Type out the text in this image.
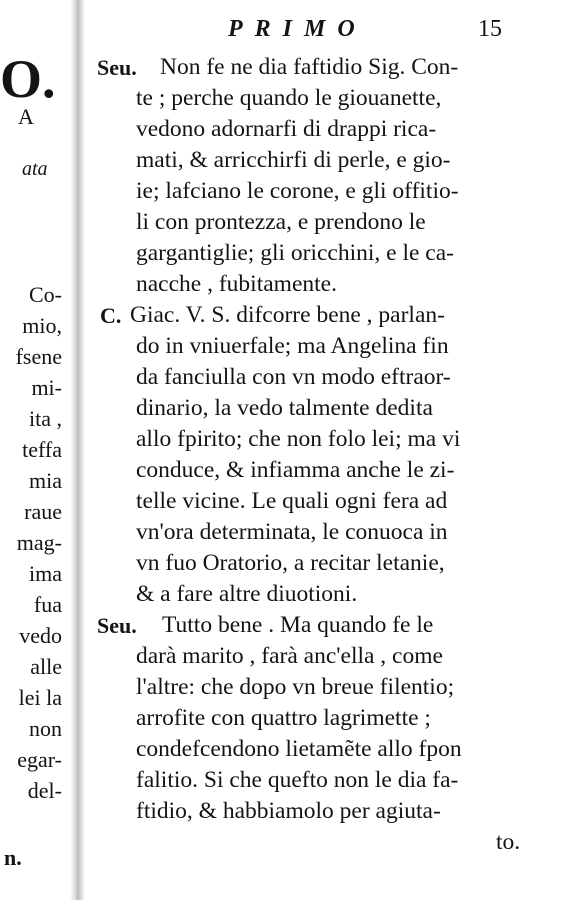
O.
A
ata
Co-
mio,
fsene
mi-
ita ,
teffa
mia
raue
mag-
ima
fua
vedo
alle
lei la
non
egar-
del-
n.
PRIMO	15
Seu. Non fe ne dia faftidio Sig. Con-
te ; perche quando le giouanette,
vedono adornarfi di drappi rica-
mati, & arricchirfi di perle, e gio-
ie; lafciano le corone, e gli offitio-
li con prontezza, e prendono le
gargantiglie; gli oricchini, e le ca-
nacche , fubitamente.
C. Giac. V. S. difcorre bene , parlan-
do in vniuerfale; ma Angelina fin
da fanciulla con vn modo eftraor-
dinario, la vedo talmente dedita
allo fpirito; che non folo lei; ma vi
conduce, & infiamma anche le zi-
telle vicine. Le quali ogni fera ad
vn'ora determinata, le conuoca in
vn fuo Oratorio, a recitar letanie,
& a fare altre diuotioni.
Seu. Tutto bene . Ma quando fe le
darà marito , farà anc'ella , come
l'altre: che dopo vn breue filentio;
arrofite con quattro lagrimette ;
condefcendono lietamẽte allo fpon
falitio. Si che quefto non le dia fa-
ftidio, & habbiamolo per agiuta-
to.
